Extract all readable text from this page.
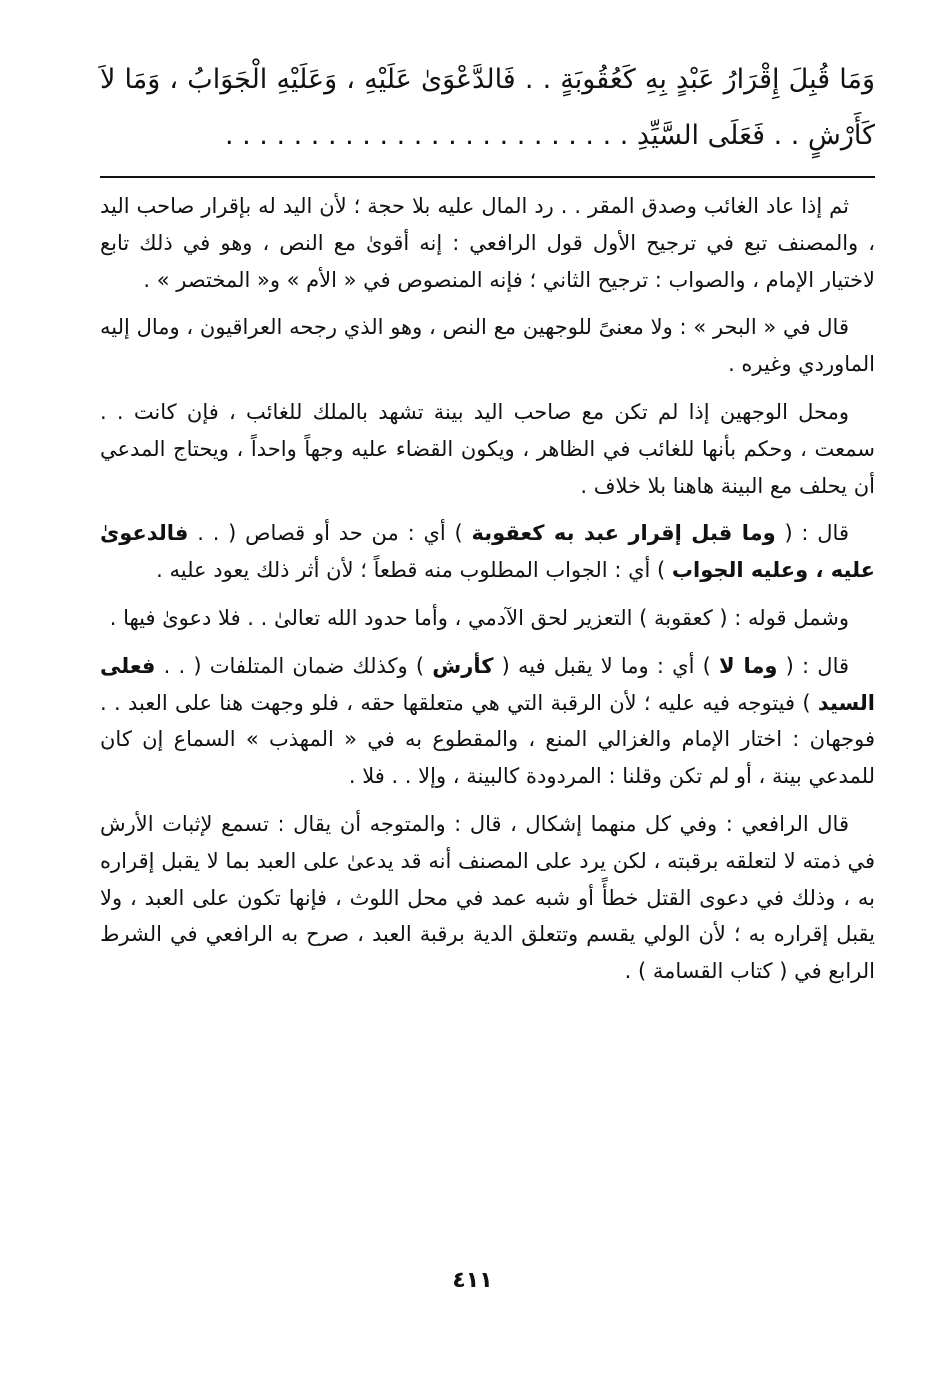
وَمَا قُبِلَ إِقْرَارُ عَبْدٍ بِهِ كَعُقُوبَةٍ . . فَالدَّعْوَىٰ عَلَيْهِ ، وَعَلَيْهِ الْجَوَابُ ، وَمَا لاَ كَأَرْشٍ . . فَعَلَى السَّيِّدِ . . . . . . . . . . . . . . . . . . . . . . . .

ثم إذا عاد الغائب وصدق المقر . . رد المال عليه بلا حجة ؛ لأن اليد له بإقرار صاحب اليد ، والمصنف تبع في ترجيح الأول قول الرافعي : إنه أقوىٰ مع النص ، وهو في ذلك تابع لاختيار الإمام ، والصواب : ترجيح الثاني ؛ فإنه المنصوص في « الأم » و« المختصر » .

قال في « البحر » : ولا معنىً للوجهين مع النص ، وهو الذي رجحه العراقيون ، ومال إليه الماوردي وغيره .

ومحل الوجهين إذا لم تكن مع صاحب اليد بينة تشهد بالملك للغائب ، فإن كانت . . سمعت ، وحكم بأنها للغائب في الظاهر ، ويكون القضاء عليه وجهاً واحداً ، ويحتاج المدعي أن يحلف مع البينة هاهنا بلا خلاف .

قال : ( وما قبل إقرار عبد به كعقوبة ) أي : من حد أو قصاص ( . . فالدعوىٰ عليه ، وعليه الجواب ) أي : الجواب المطلوب منه قطعاً ؛ لأن أثر ذلك يعود عليه .

وشمل قوله : ( كعقوبة ) التعزير لحق الآدمي ، وأما حدود الله تعالىٰ . . فلا دعوىٰ فيها .

قال : ( وما لا ) أي : وما لا يقبل فيه ( كأرش ) وكذلك ضمان المتلفات ( . . فعلى السيد ) فيتوجه فيه عليه ؛ لأن الرقبة التي هي متعلقها حقه ، فلو وجهت هنا على العبد . . فوجهان : اختار الإمام والغزالي المنع ، والمقطوع به في « المهذب » السماع إن كان للمدعي بينة ، أو لم تكن وقلنا : المردودة كالبينة ، وإلا . . فلا .

قال الرافعي : وفي كل منهما إشكال ، قال : والمتوجه أن يقال : تسمع لإثبات الأرش في ذمته لا لتعلقه برقبته ، لكن يرد على المصنف أنه قد يدعىٰ على العبد بما لا يقبل إقراره به ، وذلك في دعوى القتل خطأً أو شبه عمد في محل اللوث ، فإنها تكون على العبد ، ولا يقبل إقراره به ؛ لأن الولي يقسم وتتعلق الدية برقبة العبد ، صرح به الرافعي في الشرط الرابع في ( كتاب القسامة ) .

٤١١
